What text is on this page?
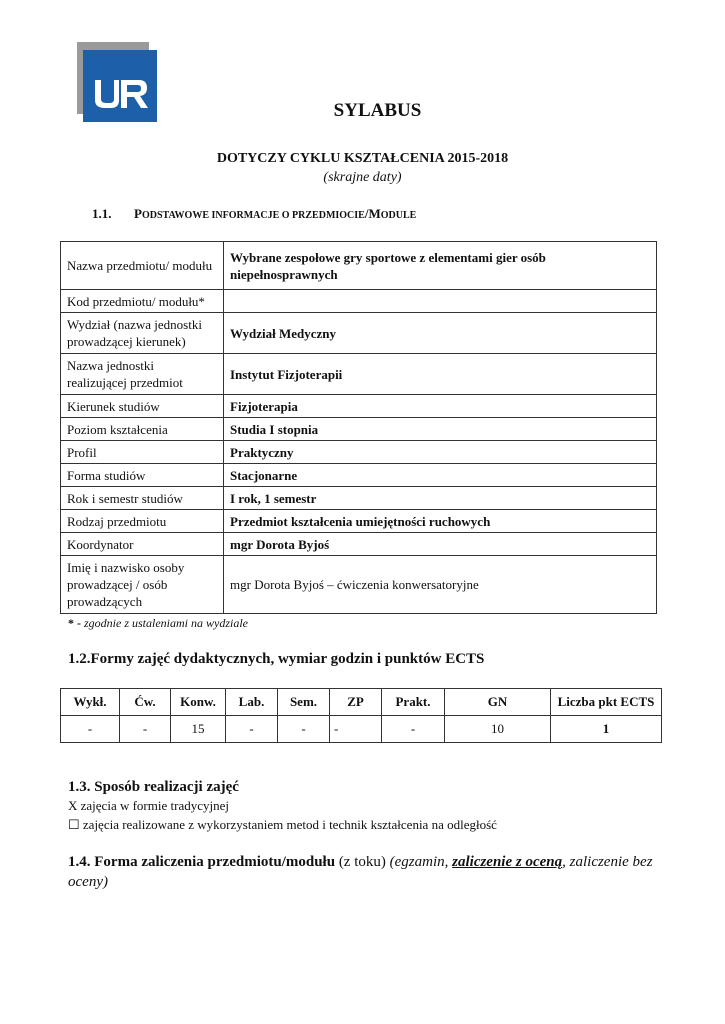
SYLABUS
DOTYCZY CYKLU KSZTAŁCENIA 2015-2018
(skrajne daty)
1.1. PODSTAWOWE INFORMACJE O PRZEDMIOCIE/MODULE
Nazwa przedmiotu/ modułu	Wybrane zespołowe gry sportowe z elementami gier osób niepełnosprawnych
Kod przedmiotu/ modułu*	
Wydział (nazwa jednostki prowadzącej kierunek)	Wydział Medyczny
Nazwa jednostki realizującej przedmiot	Instytut Fizjoterapii
Kierunek studiów	Fizjoterapia
Poziom kształcenia	Studia I stopnia
Profil	Praktyczny
Forma studiów	Stacjonarne
Rok i semestr studiów	I rok, 1 semestr
Rodzaj przedmiotu	Przedmiot kształcenia umiejętności ruchowych
Koordynator	mgr Dorota Byjoś
Imię i nazwisko osoby prowadzącej / osób prowadzących	mgr Dorota Byjoś – ćwiczenia konwersatoryjne
* - zgodnie z ustaleniami na wydziale
1.2.Formy zajęć dydaktycznych, wymiar godzin i punktów ECTS
Wykł.	Ćw.	Konw.	Lab.	Sem.	ZP	Prakt.	GN	Liczba pkt ECTS
-	-	15	-	-	-	-	10	1
1.3. Sposób realizacji zajęć
X zajęcia w formie tradycyjnej
☐ zajęcia realizowane z wykorzystaniem metod i technik kształcenia na odległość
1.4. Forma zaliczenia przedmiotu/modułu (z toku) (egzamin, zaliczenie z oceną, zaliczenie bez oceny)
